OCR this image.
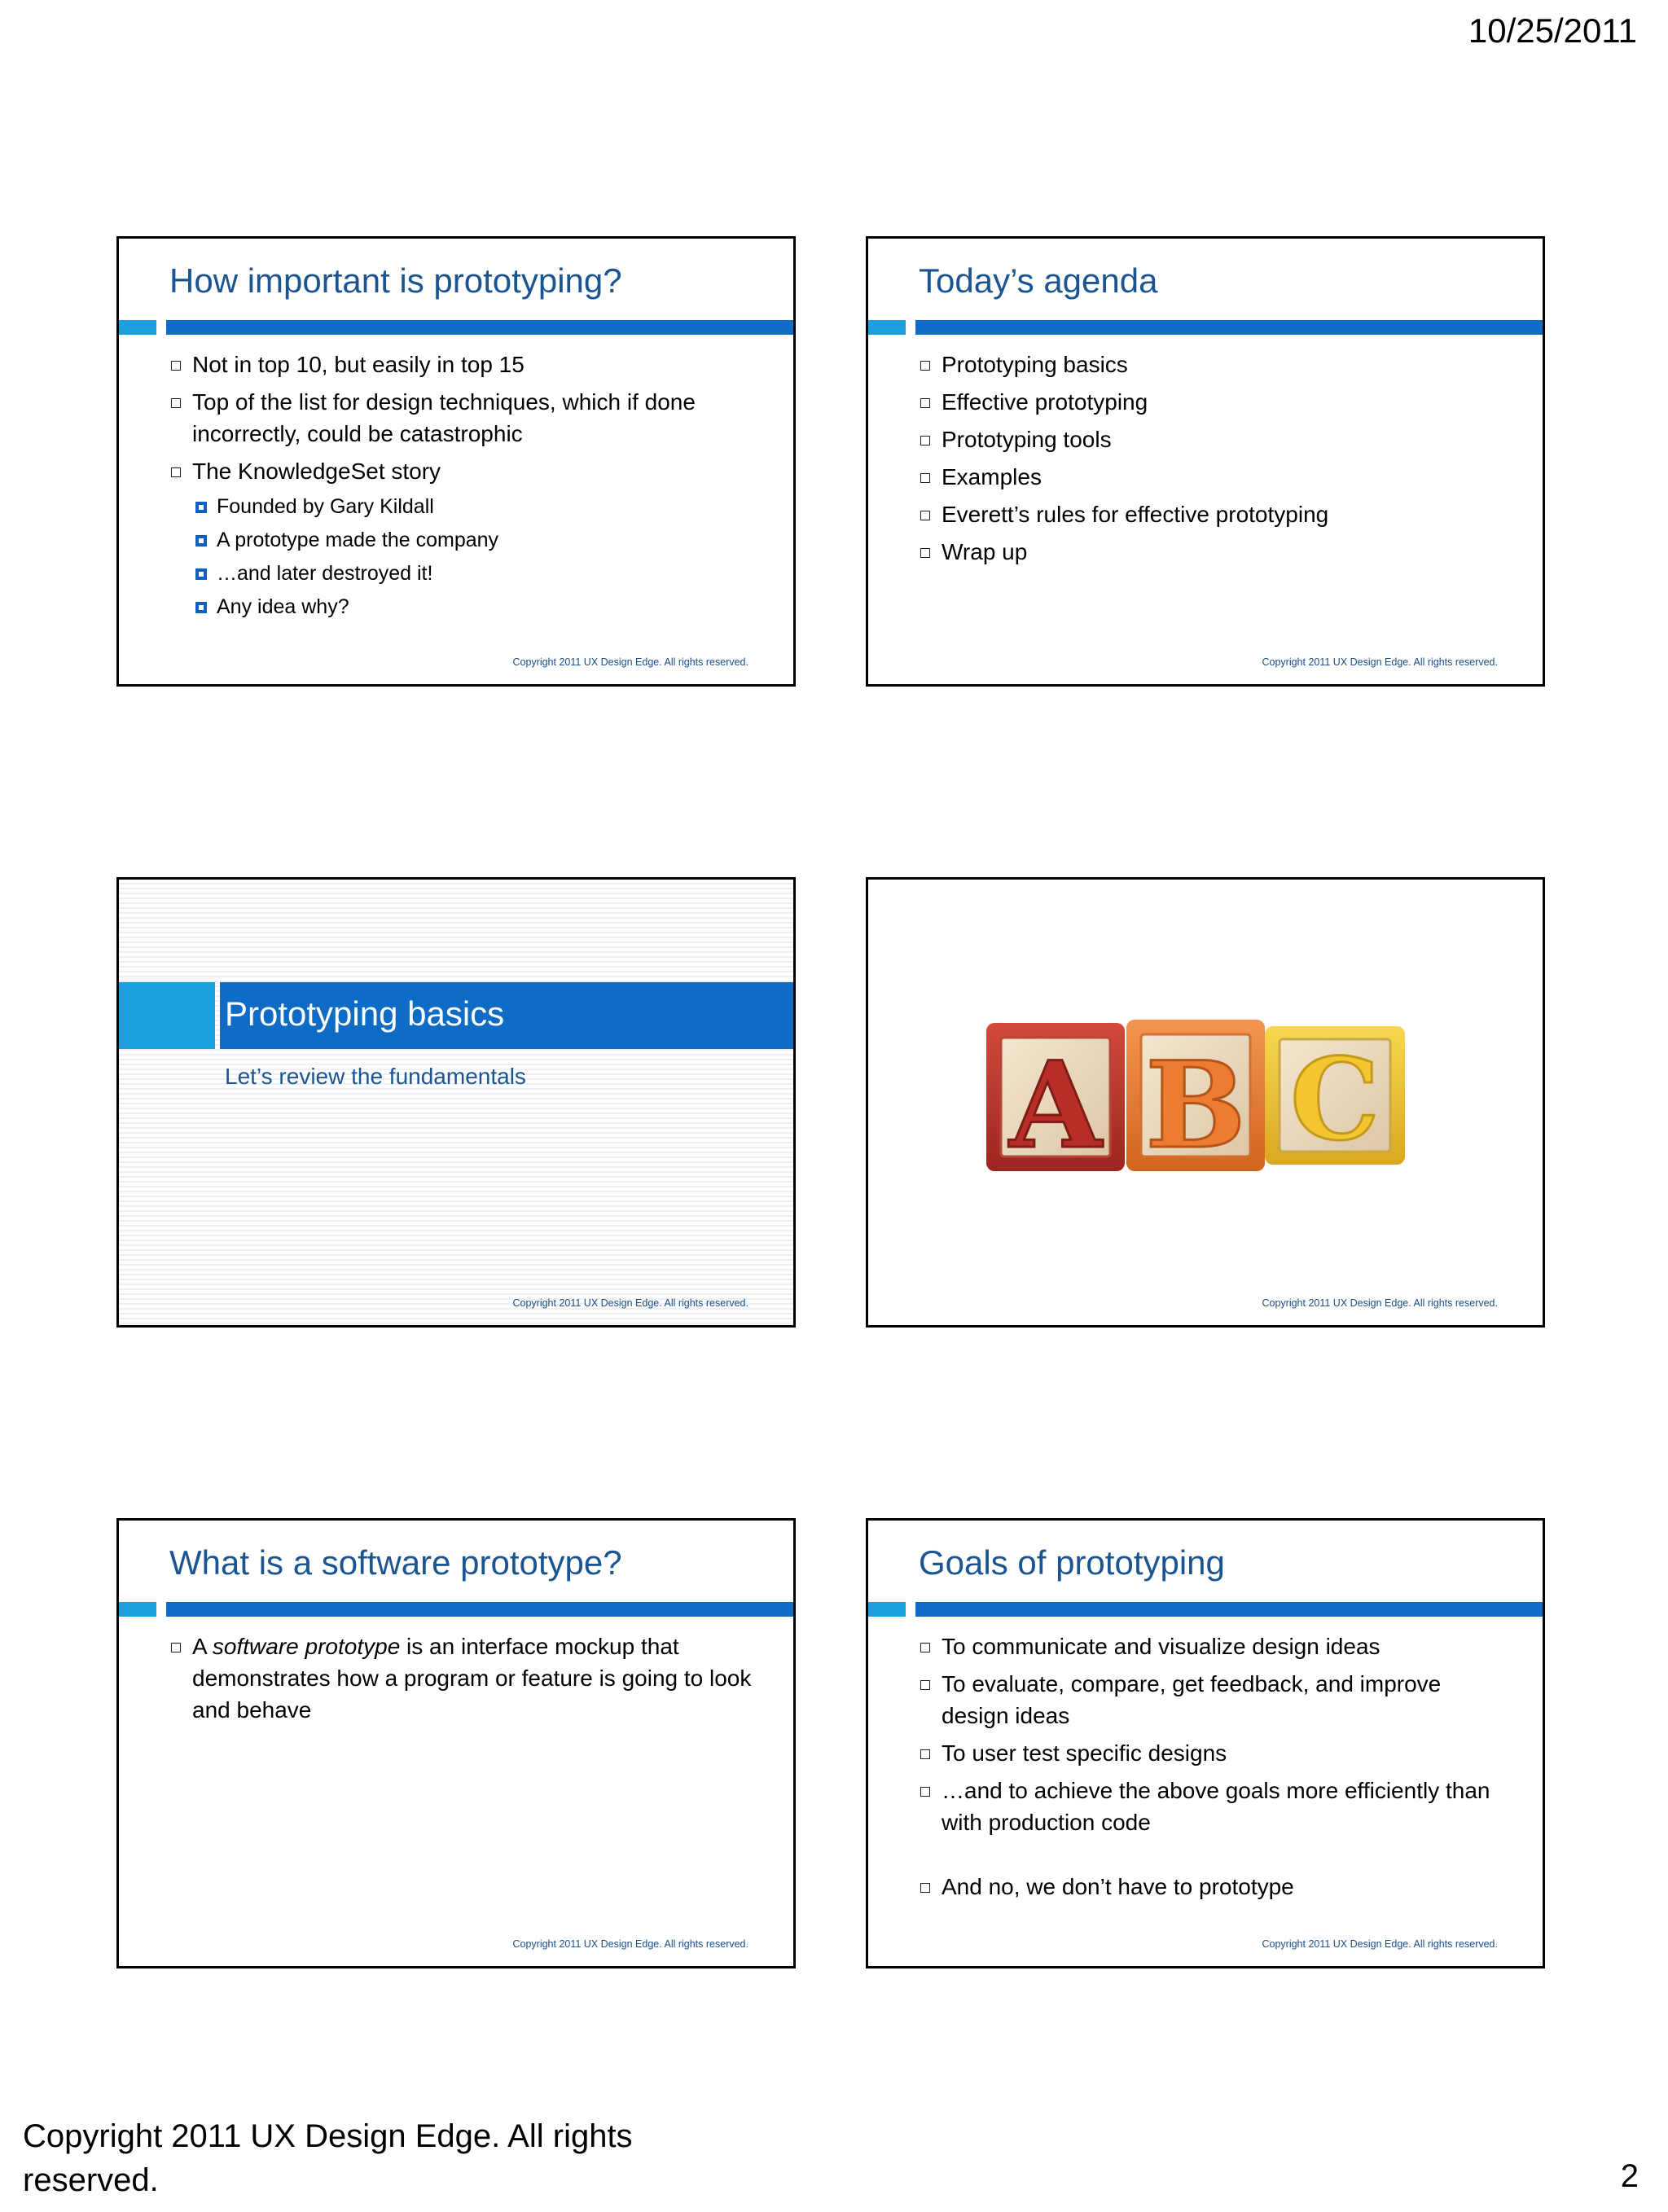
10/25/2011
How important is prototyping?
Not in top 10, but easily in top 15
Top of the list for design techniques, which if done incorrectly, could be catastrophic
The KnowledgeSet story
Founded by Gary Kildall
A prototype made the company
…and later destroyed it!
Any idea why?
Copyright 2011 UX Design Edge. All rights reserved.
Today’s agenda
Prototyping basics
Effective prototyping
Prototyping tools
Examples
Everett’s rules for effective prototyping
Wrap up
Copyright 2011 UX Design Edge. All rights reserved.
Prototyping basics
Let’s review the fundamentals
Copyright 2011 UX Design Edge. All rights reserved.
C
A B
Copyright 2011 UX Design Edge. All rights reserved.
What is a software prototype?
A software prototype is an interface mockup that demonstrates how a program or feature is going to look and behave
Copyright 2011 UX Design Edge. All rights reserved.
Goals of prototyping
To communicate and visualize design ideas
To evaluate, compare, get feedback, and improve design ideas
To user test specific designs
…and to achieve the above goals more efficiently than with production code
And no, we don’t have to prototype
Copyright 2011 UX Design Edge. All rights reserved.
Copyright 2011 UX Design Edge. All rights reserved.	2
